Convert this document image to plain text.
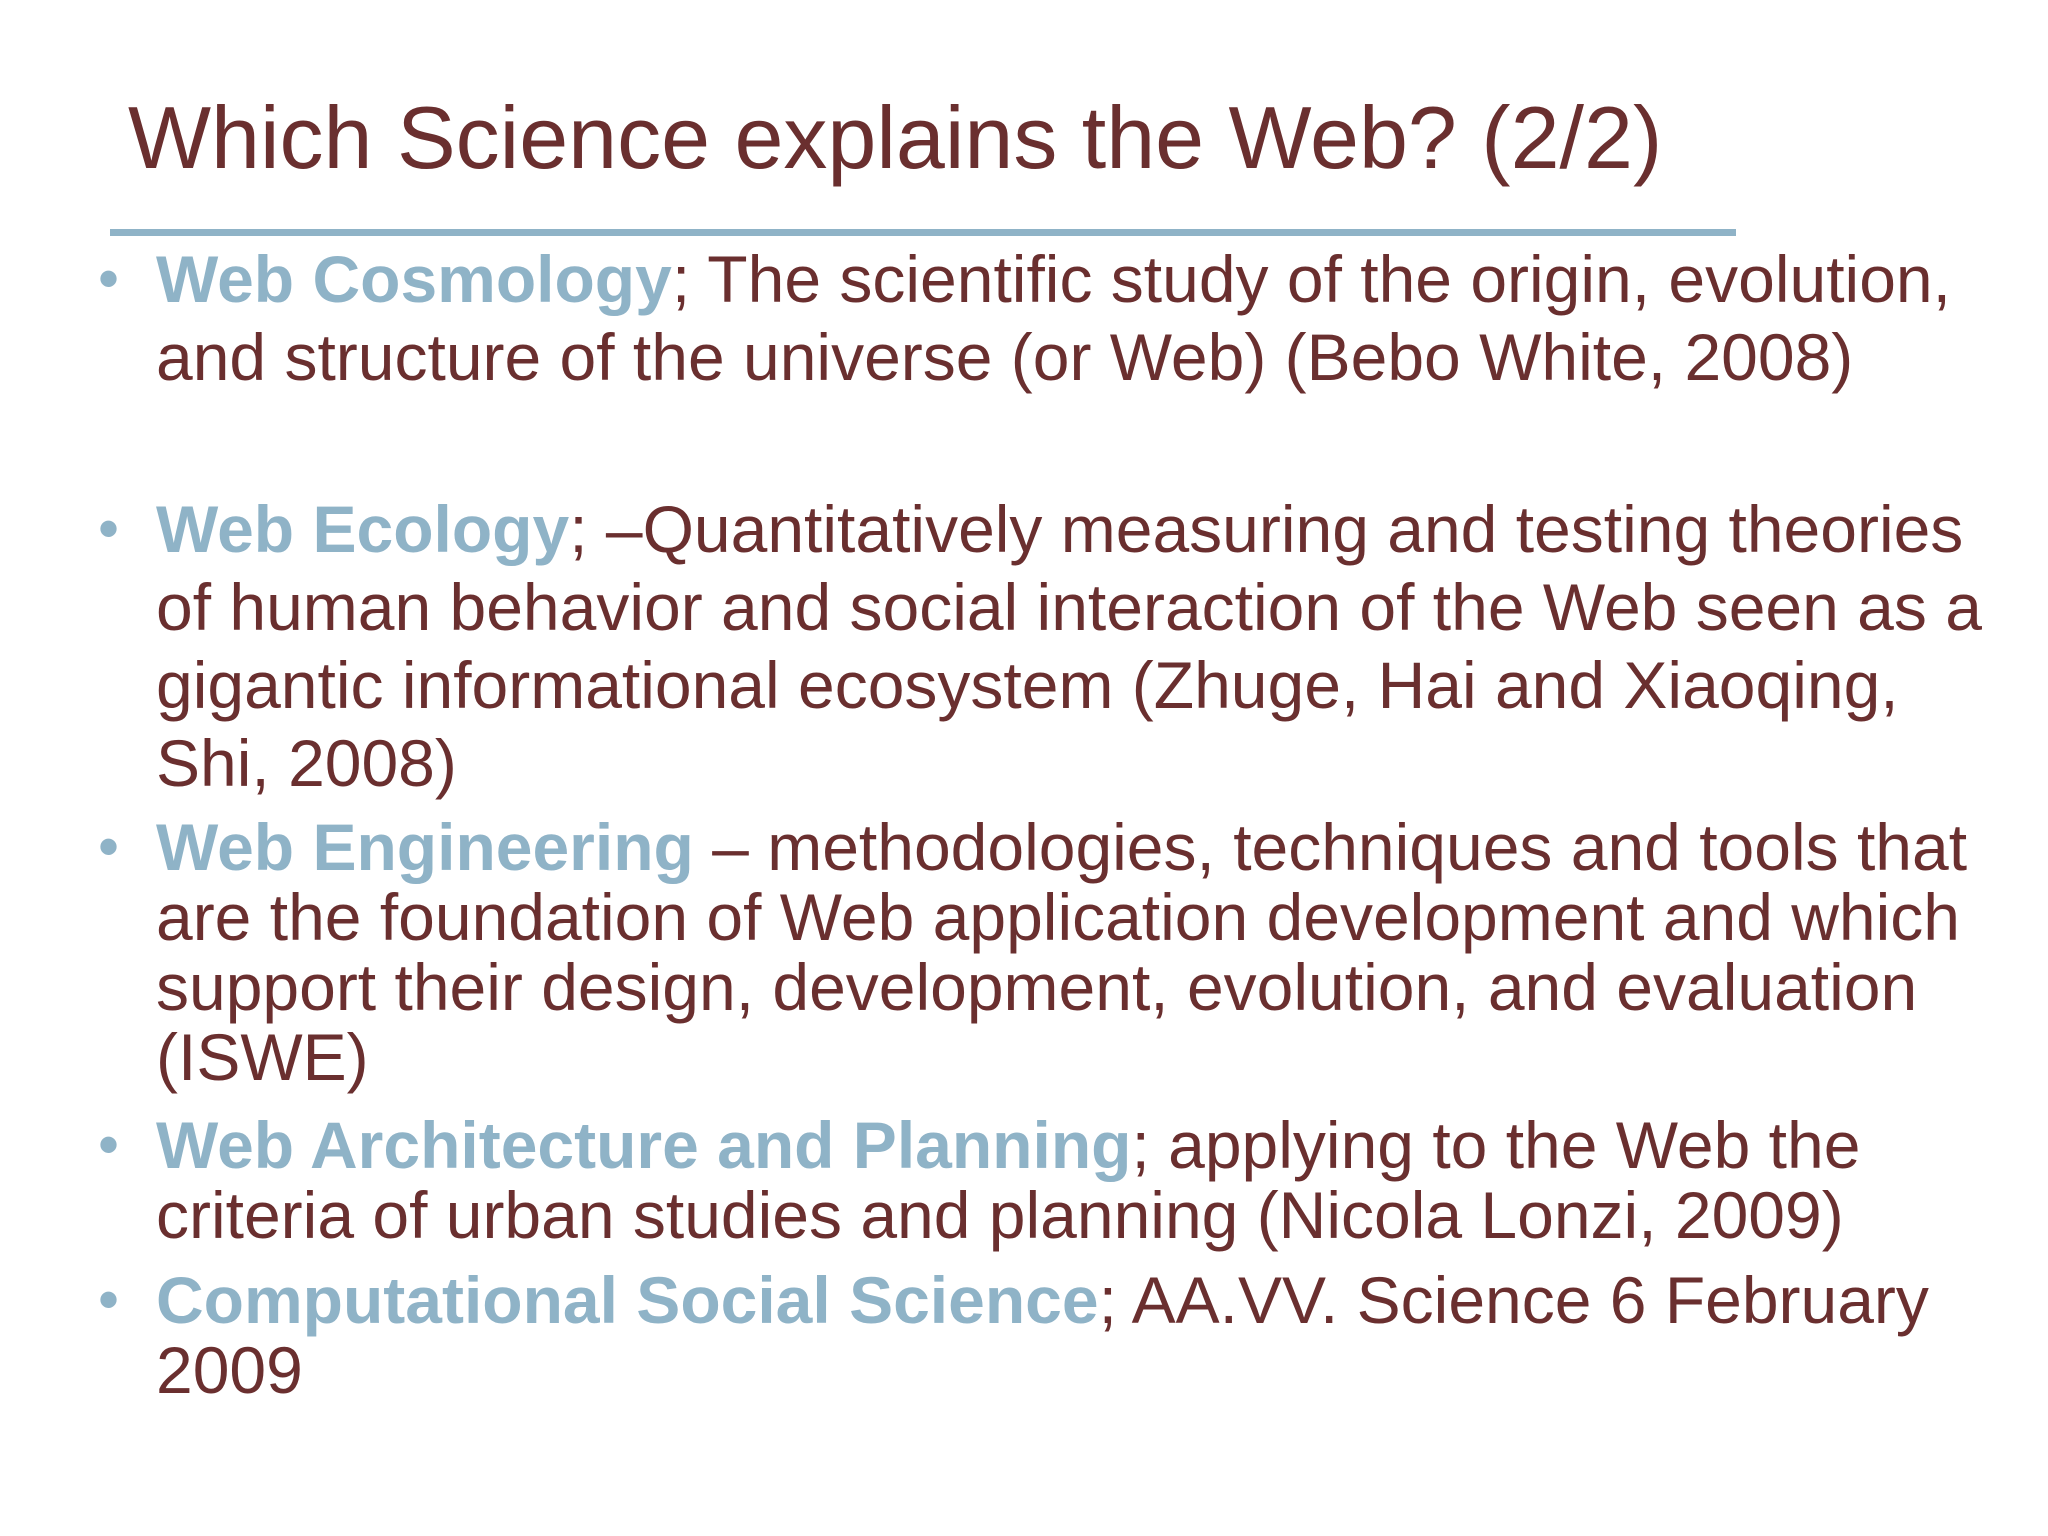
Which Science explains the Web? (2/2)
• Web Cosmology; The scientific study of the origin, evolution, and structure of the universe (or Web) (Bebo White, 2008)
• Web Ecology; –Quantitatively measuring and testing theories of human behavior and social interaction of the Web seen as a gigantic informational ecosystem (Zhuge, Hai and Xiaoqing, Shi, 2008)
• Web Engineering – methodologies, techniques and tools that are the foundation of Web application development and which support their design, development, evolution, and evaluation (ISWE)
• Web Architecture and Planning; applying to the Web the criteria of urban studies and planning (Nicola Lonzi, 2009)
• Computational Social Science; AA.VV. Science 6 February 2009
